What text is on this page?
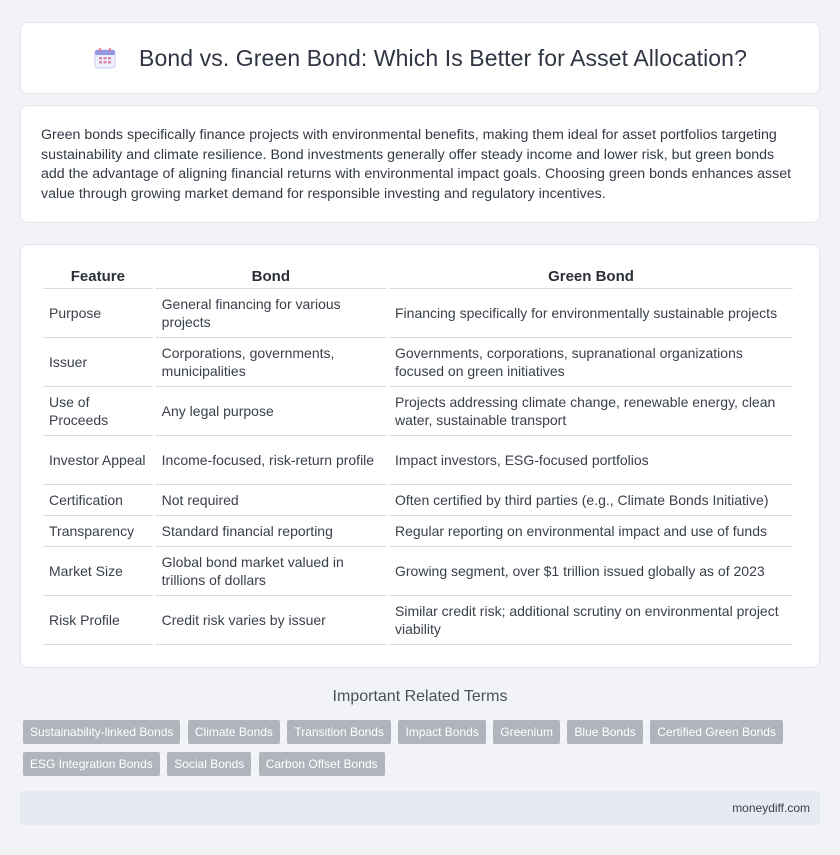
Bond vs. Green Bond: Which Is Better for Asset Allocation?

Green bonds specifically finance projects with environmental benefits, making them ideal for asset portfolios targeting sustainability and climate resilience. Bond investments generally offer steady income and lower risk, but green bonds add the advantage of aligning financial returns with environmental impact goals. Choosing green bonds enhances asset value through growing market demand for responsible investing and regulatory incentives.

Feature	Bond	Green Bond
Purpose	General financing for various projects	Financing specifically for environmentally sustainable projects
Issuer	Corporations, governments, municipalities	Governments, corporations, supranational organizations focused on green initiatives
Use of Proceeds	Any legal purpose	Projects addressing climate change, renewable energy, clean water, sustainable transport
Investor Appeal	Income-focused, risk-return profile	Impact investors, ESG-focused portfolios
Certification	Not required	Often certified by third parties (e.g., Climate Bonds Initiative)
Transparency	Standard financial reporting	Regular reporting on environmental impact and use of funds
Market Size	Global bond market valued in trillions of dollars	Growing segment, over $1 trillion issued globally as of 2023
Risk Profile	Credit risk varies by issuer	Similar credit risk; additional scrutiny on environmental project viability
Important Related Terms
Sustainability-linked Bonds Climate Bonds Transition Bonds Impact Bonds Greenium Blue Bonds Certified Green Bonds ESG Integration Bonds Social Bonds Carbon Offset Bonds
moneydiff.com
